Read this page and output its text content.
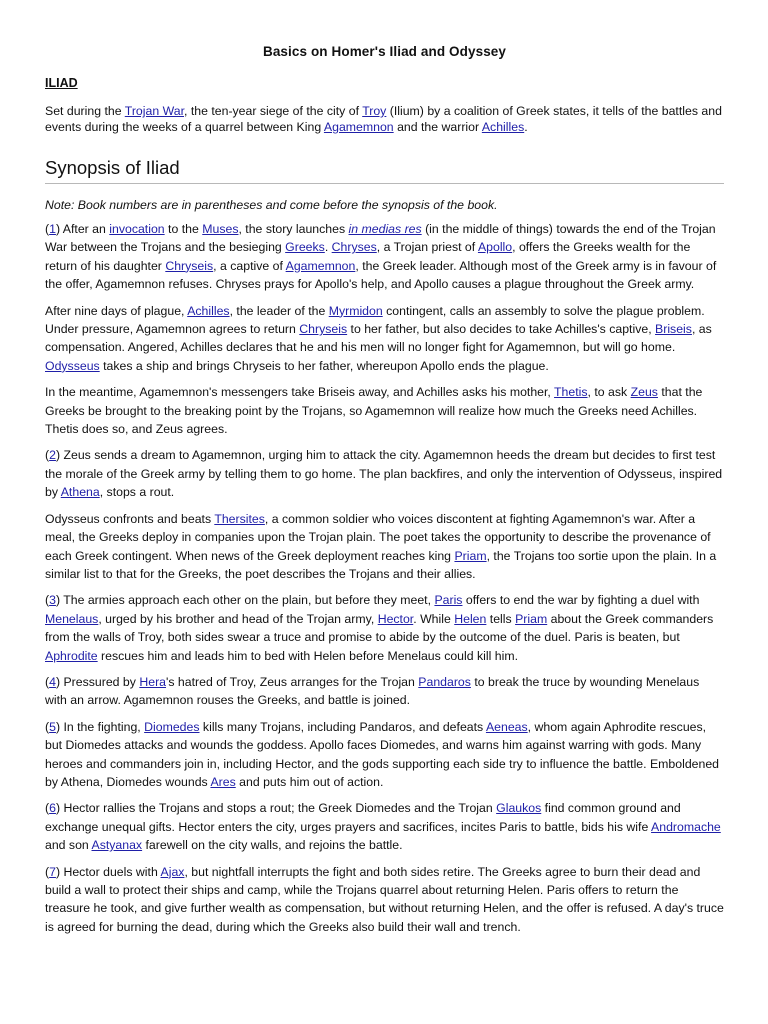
Basics on Homer's Iliad and Odyssey
ILIAD

Set during the Trojan War, the ten-year siege of the city of Troy (Ilium) by a coalition of Greek states, it tells of the battles and events during the weeks of a quarrel between King Agamemnon and the warrior Achilles.

Synopsis of Iliad

Note: Book numbers are in parentheses and come before the synopsis of the book.

(1) After an invocation to the Muses, the story launches in medias res (in the middle of things) towards the end of the Trojan War between the Trojans and the besieging Greeks. Chryses, a Trojan priest of Apollo, offers the Greeks wealth for the return of his daughter Chryseis, a captive of Agamemnon, the Greek leader. Although most of the Greek army is in favour of the offer, Agamemnon refuses. Chryses prays for Apollo's help, and Apollo causes a plague throughout the Greek army.

After nine days of plague, Achilles, the leader of the Myrmidon contingent, calls an assembly to solve the plague problem. Under pressure, Agamemnon agrees to return Chryseis to her father, but also decides to take Achilles's captive, Briseis, as compensation. Angered, Achilles declares that he and his men will no longer fight for Agamemnon, but will go home. Odysseus takes a ship and brings Chryseis to her father, whereupon Apollo ends the plague.

In the meantime, Agamemnon's messengers take Briseis away, and Achilles asks his mother, Thetis, to ask Zeus that the Greeks be brought to the breaking point by the Trojans, so Agamemnon will realize how much the Greeks need Achilles. Thetis does so, and Zeus agrees.

(2) Zeus sends a dream to Agamemnon, urging him to attack the city. Agamemnon heeds the dream but decides to first test the morale of the Greek army by telling them to go home. The plan backfires, and only the intervention of Odysseus, inspired by Athena, stops a rout.

Odysseus confronts and beats Thersites, a common soldier who voices discontent at fighting Agamemnon's war. After a meal, the Greeks deploy in companies upon the Trojan plain. The poet takes the opportunity to describe the provenance of each Greek contingent. When news of the Greek deployment reaches king Priam, the Trojans too sortie upon the plain. In a similar list to that for the Greeks, the poet describes the Trojans and their allies.

(3) The armies approach each other on the plain, but before they meet, Paris offers to end the war by fighting a duel with Menelaus, urged by his brother and head of the Trojan army, Hector. While Helen tells Priam about the Greek commanders from the walls of Troy, both sides swear a truce and promise to abide by the outcome of the duel. Paris is beaten, but Aphrodite rescues him and leads him to bed with Helen before Menelaus could kill him.

(4) Pressured by Hera's hatred of Troy, Zeus arranges for the Trojan Pandaros to break the truce by wounding Menelaus with an arrow. Agamemnon rouses the Greeks, and battle is joined.

(5) In the fighting, Diomedes kills many Trojans, including Pandaros, and defeats Aeneas, whom again Aphrodite rescues, but Diomedes attacks and wounds the goddess. Apollo faces Diomedes, and warns him against warring with gods. Many heroes and commanders join in, including Hector, and the gods supporting each side try to influence the battle. Emboldened by Athena, Diomedes wounds Ares and puts him out of action.

(6) Hector rallies the Trojans and stops a rout; the Greek Diomedes and the Trojan Glaukos find common ground and exchange unequal gifts. Hector enters the city, urges prayers and sacrifices, incites Paris to battle, bids his wife Andromache and son Astyanax farewell on the city walls, and rejoins the battle.

(7) Hector duels with Ajax, but nightfall interrupts the fight and both sides retire. The Greeks agree to burn their dead and build a wall to protect their ships and camp, while the Trojans quarrel about returning Helen. Paris offers to return the treasure he took, and give further wealth as compensation, but without returning Helen, and the offer is refused. A day's truce is agreed for burning the dead, during which the Greeks also build their wall and trench.
